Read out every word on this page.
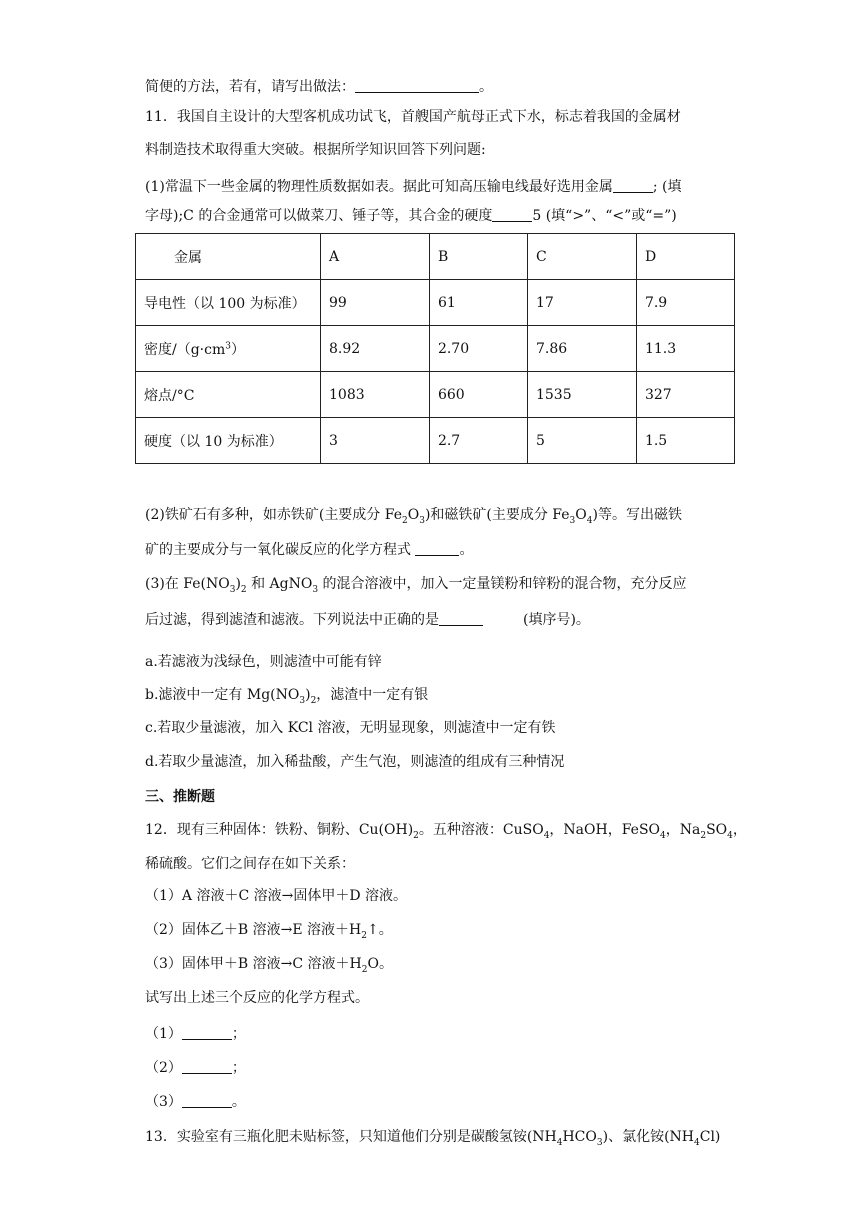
简便的方法，若有，请写出做法：	。
11．我国自主设计的大型客机成功试飞，首艘国产航母正式下水，标志着我国的金属材
料制造技术取得重大突破。根据所学知识回答下列问题:
(1)常温下一些金属的物理性质数据如表。据此可知高压输电线最好选用金属	; (填
字母);C 的合金通常可以做菜刀、锤子等，其合金的硬度	5 (填“>”、“<”或“=”)
金属	A	B	C	D
导电性（以 100 为标准）	99	61	17	7.9
密度$/(g\cdot cm^3)$	8.92	2.70	7.86	11.3
熔点/°C	1083	660	1535	327
硬度（以 10 为标准）	3	2.7	5	1.5
(2)铁矿石有多种，如赤铁矿(主要成分 $Fe_2O_3$)和磁铁矿(主要成分 $Fe_3O_4$)等。写出磁铁
矿的主要成分与一氧化碳反应的化学方程式	。
(3)在 $Fe(NO_3)_2$ 和 AgNO$_3$ 的混合溶液中，加入一定量镁粉和锌粉的混合物，充分反应
后过滤，得到滤渣和滤液。下列说法中正确的是	(填序号)。
a.若滤液为浅绿色，则滤渣中可能有锌
b.滤液中一定有 $Mg(NO_3)_2$，滤渣中一定有银
c.若取少量滤液，加入 KCl 溶液，无明显现象，则滤渣中一定有铁
d.若取少量滤渣，加入稀盐酸，产生气泡，则滤渣的组成有三种情况
三、推断题
12．现有三种固体：铁粉、铜粉、$Cu(OH)_2$。五种溶液：CuSO$_4$，NaOH，FeSO$_4$，$Na_2SO_4$，
稀硫酸。它们之间存在如下关系：
（1）A 溶液＋C 溶液→固体甲＋D 溶液。
（2）固体乙＋B 溶液→E 溶液$+H_2↑$。
（3）固体甲＋B 溶液→C 溶液$+H_2O$。
试写出上述三个反应的化学方程式。
（1）	；
（2）	；
（3）	。
13．实验室有三瓶化肥未贴标签，只知道他们分别是碳酸氢铵$(NH_4HCO_3)$、氯化铵$(NH_4Cl)$
